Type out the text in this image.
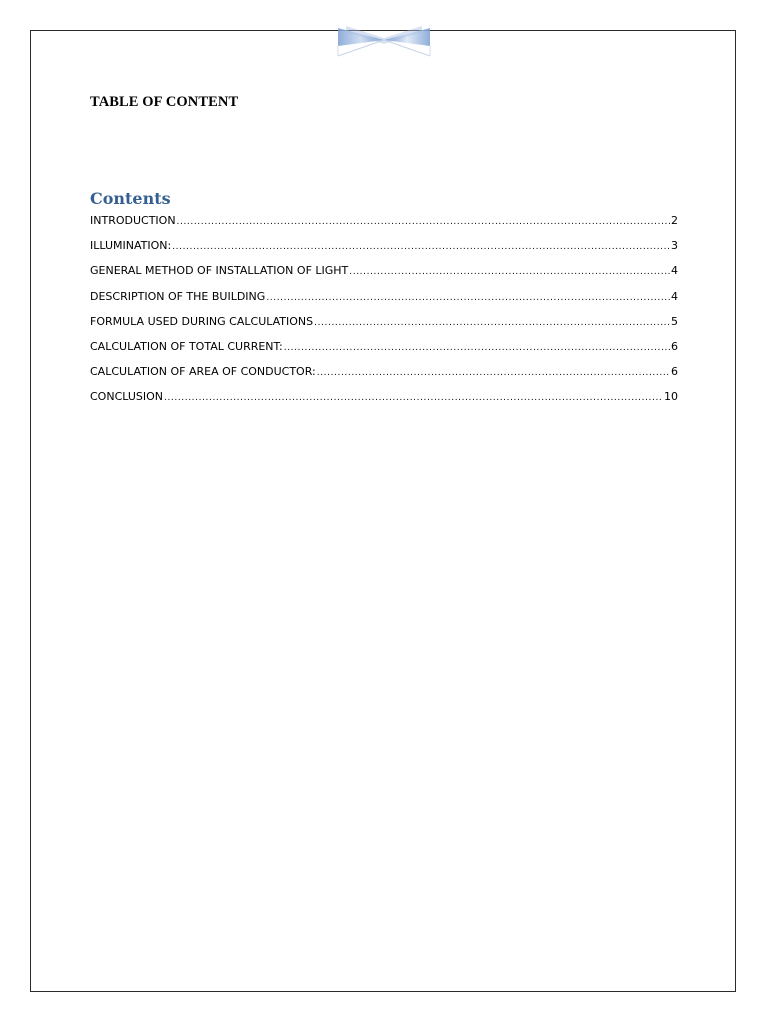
TABLE OF CONTENT
Contents
INTRODUCTION .....	2
ILLUMINATION: .....	3
GENERAL METHOD OF INSTALLATION OF LIGHT .....	4
DESCRIPTION OF THE BUILDING .....	4
FORMULA USED DURING CALCULATIONS .....	5
CALCULATION OF TOTAL CURRENT: .....	6
CALCULATION OF AREA OF CONDUCTOR: .....	6
CONCLUSION .....	10
